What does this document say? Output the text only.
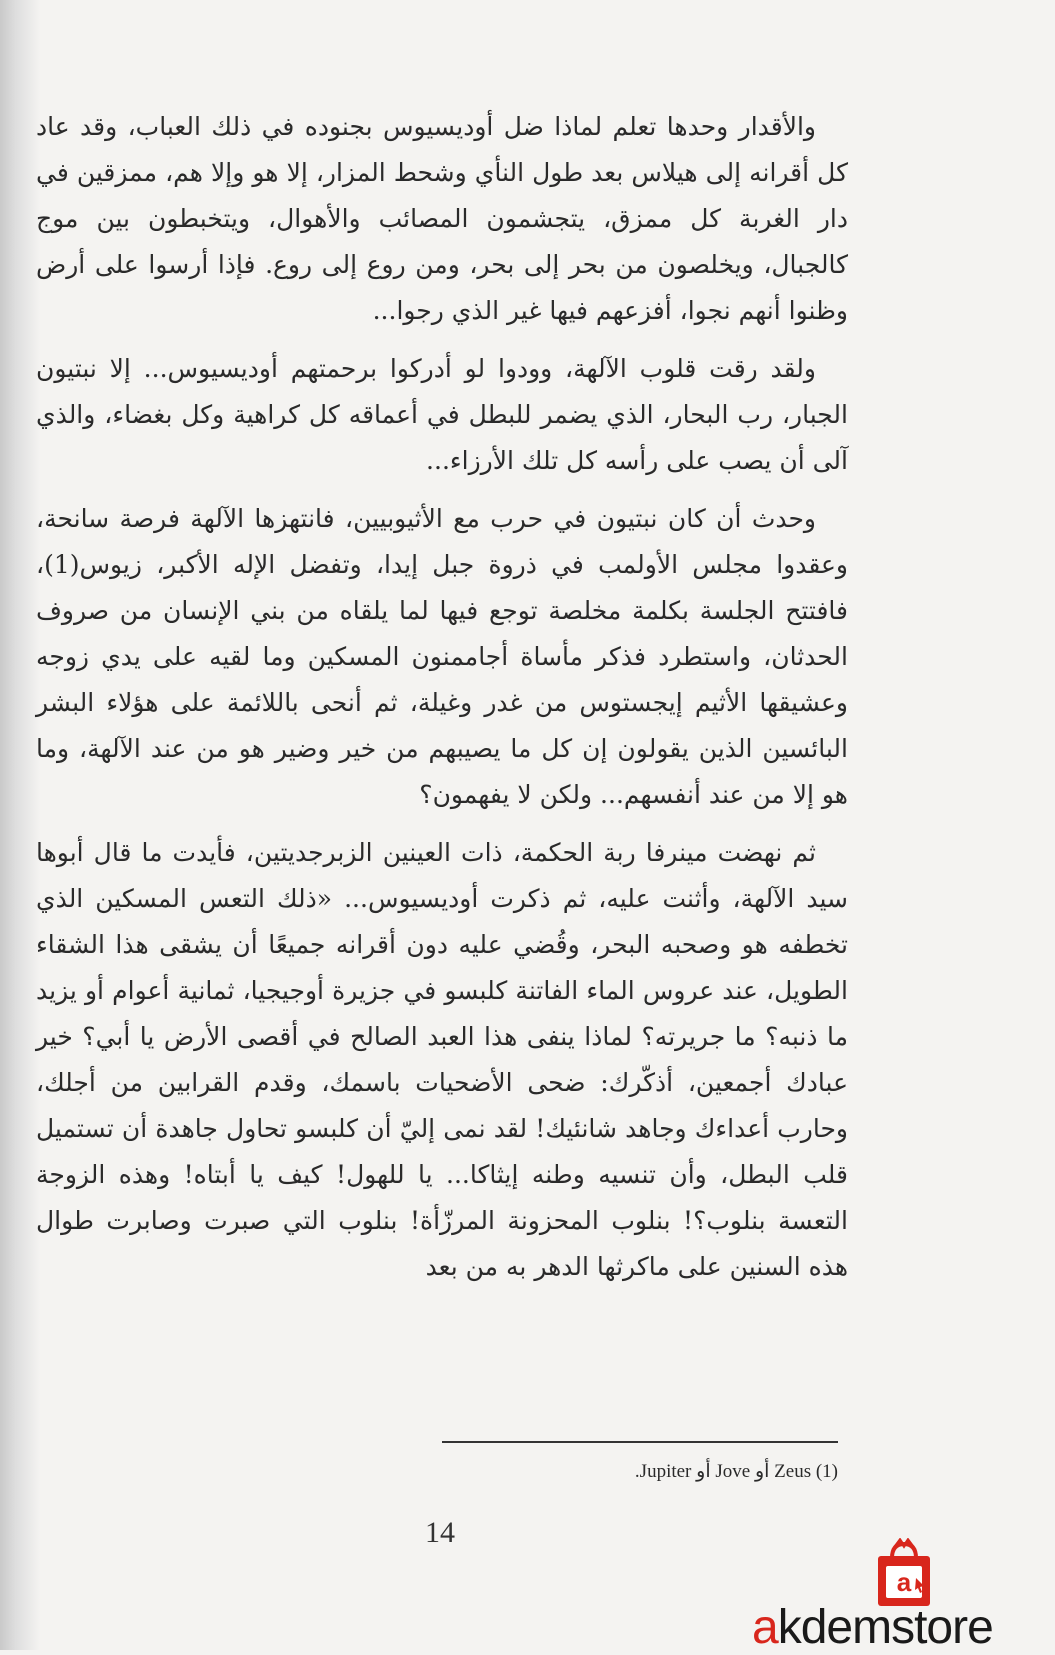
والأقدار وحدها تعلم لماذا ضل أوديسيوس بجنوده في ذلك العباب، وقد عاد كل أقرانه إلى هيلاس بعد طول النأي وشحط المزار، إلا هو وإلا هم، ممزقين في دار الغربة كل ممزق، يتجشمون المصائب والأهوال، ويتخبطون بين موج كالجبال، ويخلصون من بحر إلى بحر، ومن روع إلى روع. فإذا أرسوا على أرض وظنوا أنهم نجوا، أفزعهم فيها غير الذي رجوا...

ولقد رقت قلوب الآلهة، وودوا لو أدركوا برحمتهم أوديسيوس... إلا نبتيون الجبار، رب البحار، الذي يضمر للبطل في أعماقه كل كراهية وكل بغضاء، والذي آلى أن يصب على رأسه كل تلك الأرزاء...

وحدث أن كان نبتيون في حرب مع الأثيوبيين، فانتهزها الآلهة فرصة سانحة، وعقدوا مجلس الأولمب في ذروة جبل إيدا، وتفضل الإله الأكبر، زيوس(1)، فافتتح الجلسة بكلمة مخلصة توجع فيها لما يلقاه من بني الإنسان من صروف الحدثان، واستطرد فذكر مأساة أجاممنون المسكين وما لقيه على يدي زوجه وعشيقها الأثيم إيجستوس من غدر وغيلة، ثم أنحى باللائمة على هؤلاء البشر البائسين الذين يقولون إن كل ما يصيبهم من خير وضير هو من عند الآلهة، وما هو إلا من عند أنفسهم... ولكن لا يفهمون؟

ثم نهضت مينرفا ربة الحكمة، ذات العينين الزبرجديتين، فأيدت ما قال أبوها سيد الآلهة، وأثنت عليه، ثم ذكرت أوديسيوس... «ذلك التعس المسكين الذي تخطفه هو وصحبه البحر، وقُضي عليه دون أقرانه جميعًا أن يشقى هذا الشقاء الطويل، عند عروس الماء الفاتنة كلبسو في جزيرة أوجيجيا، ثمانية أعوام أو يزيد ما ذنبه؟ ما جريرته؟ لماذا ينفى هذا العبد الصالح في أقصى الأرض يا أبي؟ خير عبادك أجمعين، أذكّرك: ضحى الأضحيات باسمك، وقدم القرابين من أجلك، وحارب أعداءك وجاهد شانئيك! لقد نمى إليّ أن كلبسو تحاول جاهدة أن تستميل قلب البطل، وأن تنسيه وطنه إيثاكا... يا للهول! كيف يا أبتاه! وهذه الزوجة التعسة بنلوب؟! بنلوب المحزونة المرزّأة! بنلوب التي صبرت وصابرت طوال هذه السنين على ماكرثها الدهر به من بعد

(1) Zeus أو Jove أو Jupiter.
14
a
akdemstore
